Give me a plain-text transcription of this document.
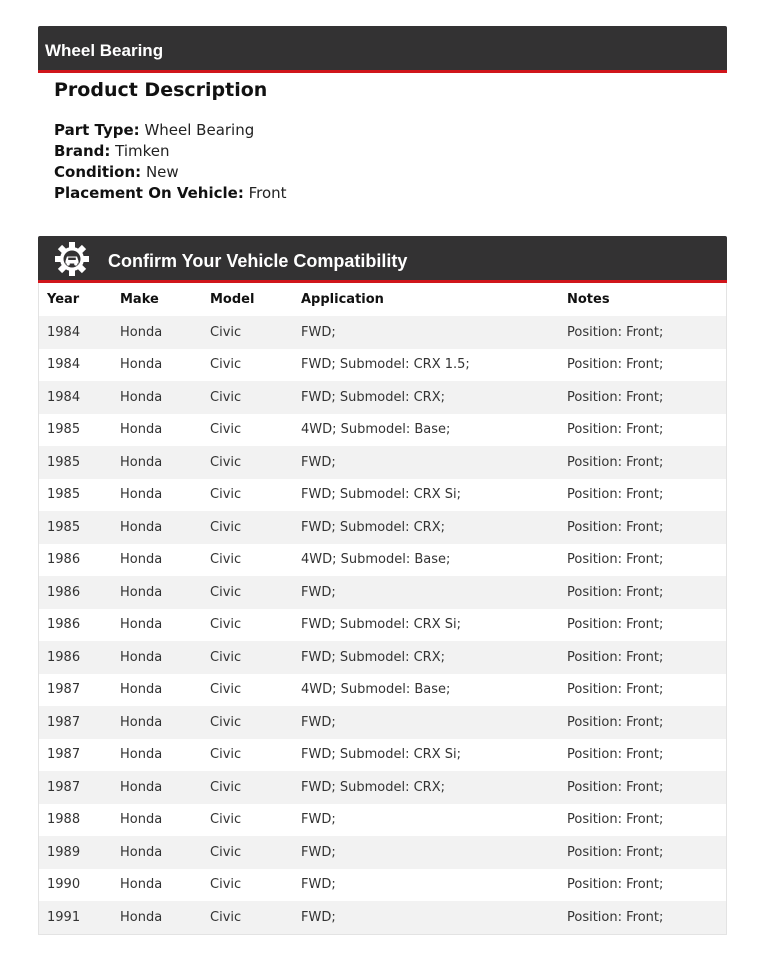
Wheel Bearing
Product Description
Part Type: Wheel Bearing
Brand: Timken
Condition: New
Placement On Vehicle: Front
Confirm Your Vehicle Compatibility
Year	Make	Model	Application	Notes
1984	Honda	Civic	FWD;	Position: Front;
1984	Honda	Civic	FWD; Submodel: CRX 1.5;	Position: Front;
1984	Honda	Civic	FWD; Submodel: CRX;	Position: Front;
1985	Honda	Civic	4WD; Submodel: Base;	Position: Front;
1985	Honda	Civic	FWD;	Position: Front;
1985	Honda	Civic	FWD; Submodel: CRX Si;	Position: Front;
1985	Honda	Civic	FWD; Submodel: CRX;	Position: Front;
1986	Honda	Civic	4WD; Submodel: Base;	Position: Front;
1986	Honda	Civic	FWD;	Position: Front;
1986	Honda	Civic	FWD; Submodel: CRX Si;	Position: Front;
1986	Honda	Civic	FWD; Submodel: CRX;	Position: Front;
1987	Honda	Civic	4WD; Submodel: Base;	Position: Front;
1987	Honda	Civic	FWD;	Position: Front;
1987	Honda	Civic	FWD; Submodel: CRX Si;	Position: Front;
1987	Honda	Civic	FWD; Submodel: CRX;	Position: Front;
1988	Honda	Civic	FWD;	Position: Front;
1989	Honda	Civic	FWD;	Position: Front;
1990	Honda	Civic	FWD;	Position: Front;
1991	Honda	Civic	FWD;	Position: Front;
